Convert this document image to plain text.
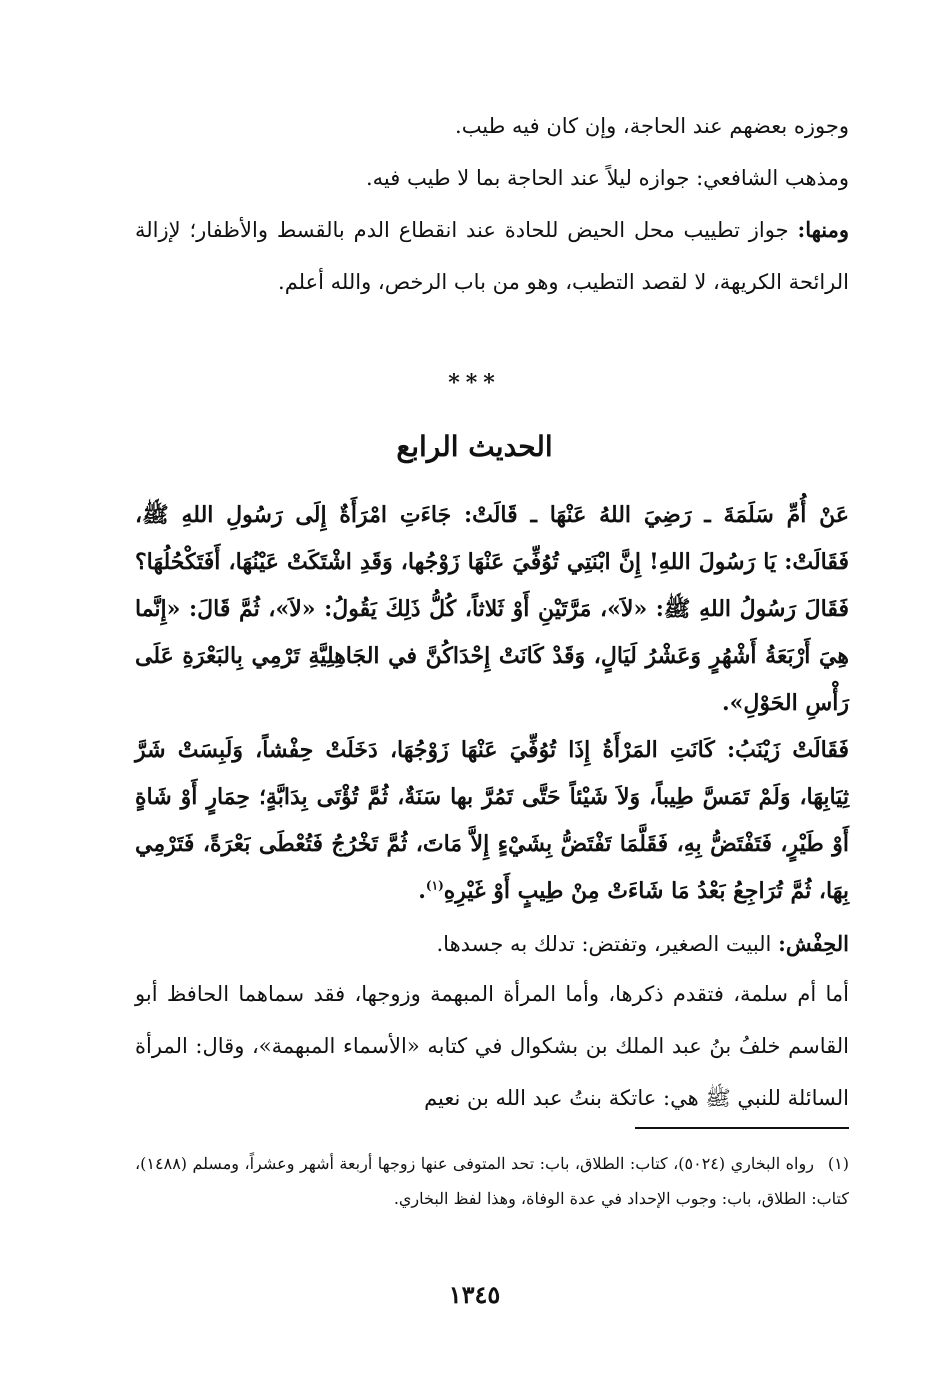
وجوزه بعضهم عند الحاجة، وإن كان فيه طيب.

ومذهب الشافعي: جوازه ليلاً عند الحاجة بما لا طيب فيه.

ومنها: جواز تطييب محل الحيض للحادة عند انقطاع الدم بالقسط والأظفار؛ لإزالة الرائحة الكريهة، لا لقصد التطيب، وهو من باب الرخص، والله أعلم.

***
الحديث الرابع

عَنْ أُمِّ سَلَمَةَ ـ رَضِيَ اللهُ عَنْهَا ـ قَالَتْ: جَاءَتِ امْرَأَةٌ إِلَى رَسُولِ اللهِ ﷺ، فَقَالَتْ: يَا رَسُولَ اللهِ! إِنَّ ابْنَتِي تُوُفِّيَ عَنْهَا زَوْجُها، وَقَدِ اشْتَكَتْ عَيْنُهَا، أَفَتَكْحُلُهَا؟ فَقَالَ رَسُولُ اللهِ ﷺ: «لاَ»، مَرَّتَيْنِ أَوْ ثَلاثاً، كُلُّ ذَلِكَ يَقُولُ: «لاَ»، ثُمَّ قَالَ: «إِنَّما هِيَ أَرْبَعَةُ أَشْهُرٍ وَعَشْرُ لَيَالٍ، وَقَدْ كَانَتْ إِحْدَاكُنَّ في الجَاهِلِيَّةِ تَرْمِي بِالبَعْرَةِ عَلَى رَأْسِ الحَوْلِ».

فَقَالَتْ زَيْنَبُ: كَانَتِ المَرْأَةُ إِذَا تُوُفِّيَ عَنْهَا زَوْجُهَا، دَخَلَتْ حِفْشاً، وَلَبِسَتْ شَرَّ ثِيَابِهَا، وَلَمْ تَمَسَّ طِيباً، وَلاَ شَيْئاً حَتَّى تَمُرَّ بها سَنَةٌ، ثُمَّ تُؤْتَى بِدَابَّةٍ؛ حِمَارٍ أَوْ شَاةٍ أَوْ طَيْرٍ، فَتَفْتَضُّ بِهِ، فَقَلَّمَا تَفْتَضُّ بِشَيْءٍ إِلاَّ مَاتَ، ثُمَّ تَخْرُجُ فَتُعْطَى بَعْرَةً، فَتَرْمِي بِهَا، ثُمَّ تُرَاجِعُ بَعْدُ مَا شَاءَتْ مِنْ طِيبٍ أَوْ غَيْرِهِ$^{(١)}$.

الحِفْش: البيت الصغير، وتفتض: تدلك به جسدها.

أما أم سلمة، فتقدم ذكرها، وأما المرأة المبهمة وزوجها، فقد سماهما الحافظ أبو القاسم خلفُ بنُ عبد الملك بن بشكوال في كتابه «الأسماء المبهمة»، وقال: المرأة السائلة للنبي ﷺ هي: عاتكة بنتُ عبد الله بن نعيم

(١)رواه البخاري (٥٠٢٤)، كتاب: الطلاق، باب: تحد المتوفى عنها زوجها أربعة أشهر وعشراً، ومسلم (١٤٨٨)، كتاب: الطلاق، باب: وجوب الإحداد في عدة الوفاة، وهذا لفظ البخاري.
١٣٤٥
